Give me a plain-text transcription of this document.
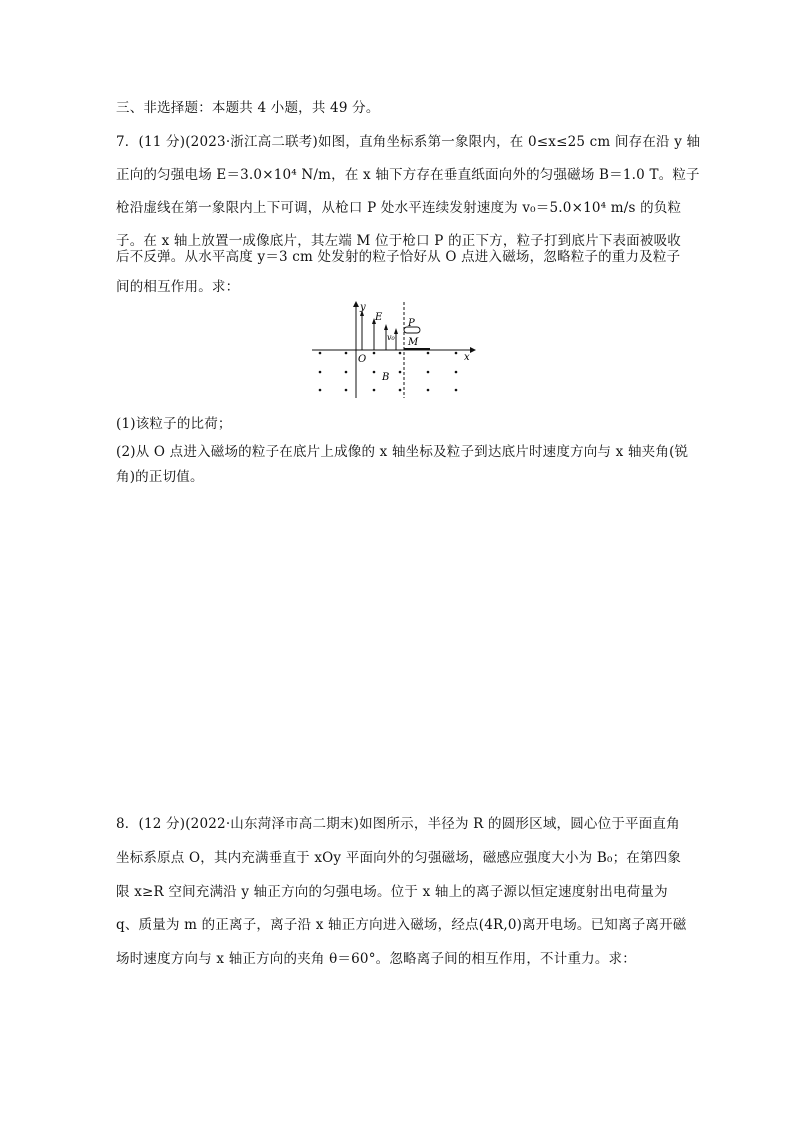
三、非选择题：本题共 4 小题，共 49 分。
7．(11 分)(2023·浙江高二联考)如图，直角坐标系第一象限内，在 0≤x≤25 cm 间存在沿 y 轴
正向的匀强电场 E＝3.0×10⁴ N/m，在 x 轴下方存在垂直纸面向外的匀强磁场 B＝1.0 T。粒子
枪沿虚线在第一象限内上下可调，从枪口 P 处水平连续发射速度为 v₀＝5.0×10⁴ m/s 的负粒
子。在 x 轴上放置一成像底片，其左端 M 位于枪口 P 的正下方，粒子打到底片下表面被吸收
后不反弹。从水平高度 y＝3 cm 处发射的粒子恰好从 O 点进入磁场，忽略粒子的重力及粒子
间的相互作用。求：
y
x
O
E
v₀
P
M
B
(1)该粒子的比荷；
(2)从 O 点进入磁场的粒子在底片上成像的 x 轴坐标及粒子到达底片时速度方向与 x 轴夹角(锐
角)的正切值。
8．(12 分)(2022·山东菏泽市高二期末)如图所示，半径为 R 的圆形区域，圆心位于平面直角
坐标系原点 O，其内充满垂直于 xOy 平面向外的匀强磁场，磁感应强度大小为 B₀；在第四象
限 x≥R 空间充满沿 y 轴正方向的匀强电场。位于 x 轴上的离子源以恒定速度射出电荷量为
q、质量为 m 的正离子，离子沿 x 轴正方向进入磁场，经点(4R,0)离开电场。已知离子离开磁
场时速度方向与 x 轴正方向的夹角 θ＝60°。忽略离子间的相互作用，不计重力。求：
